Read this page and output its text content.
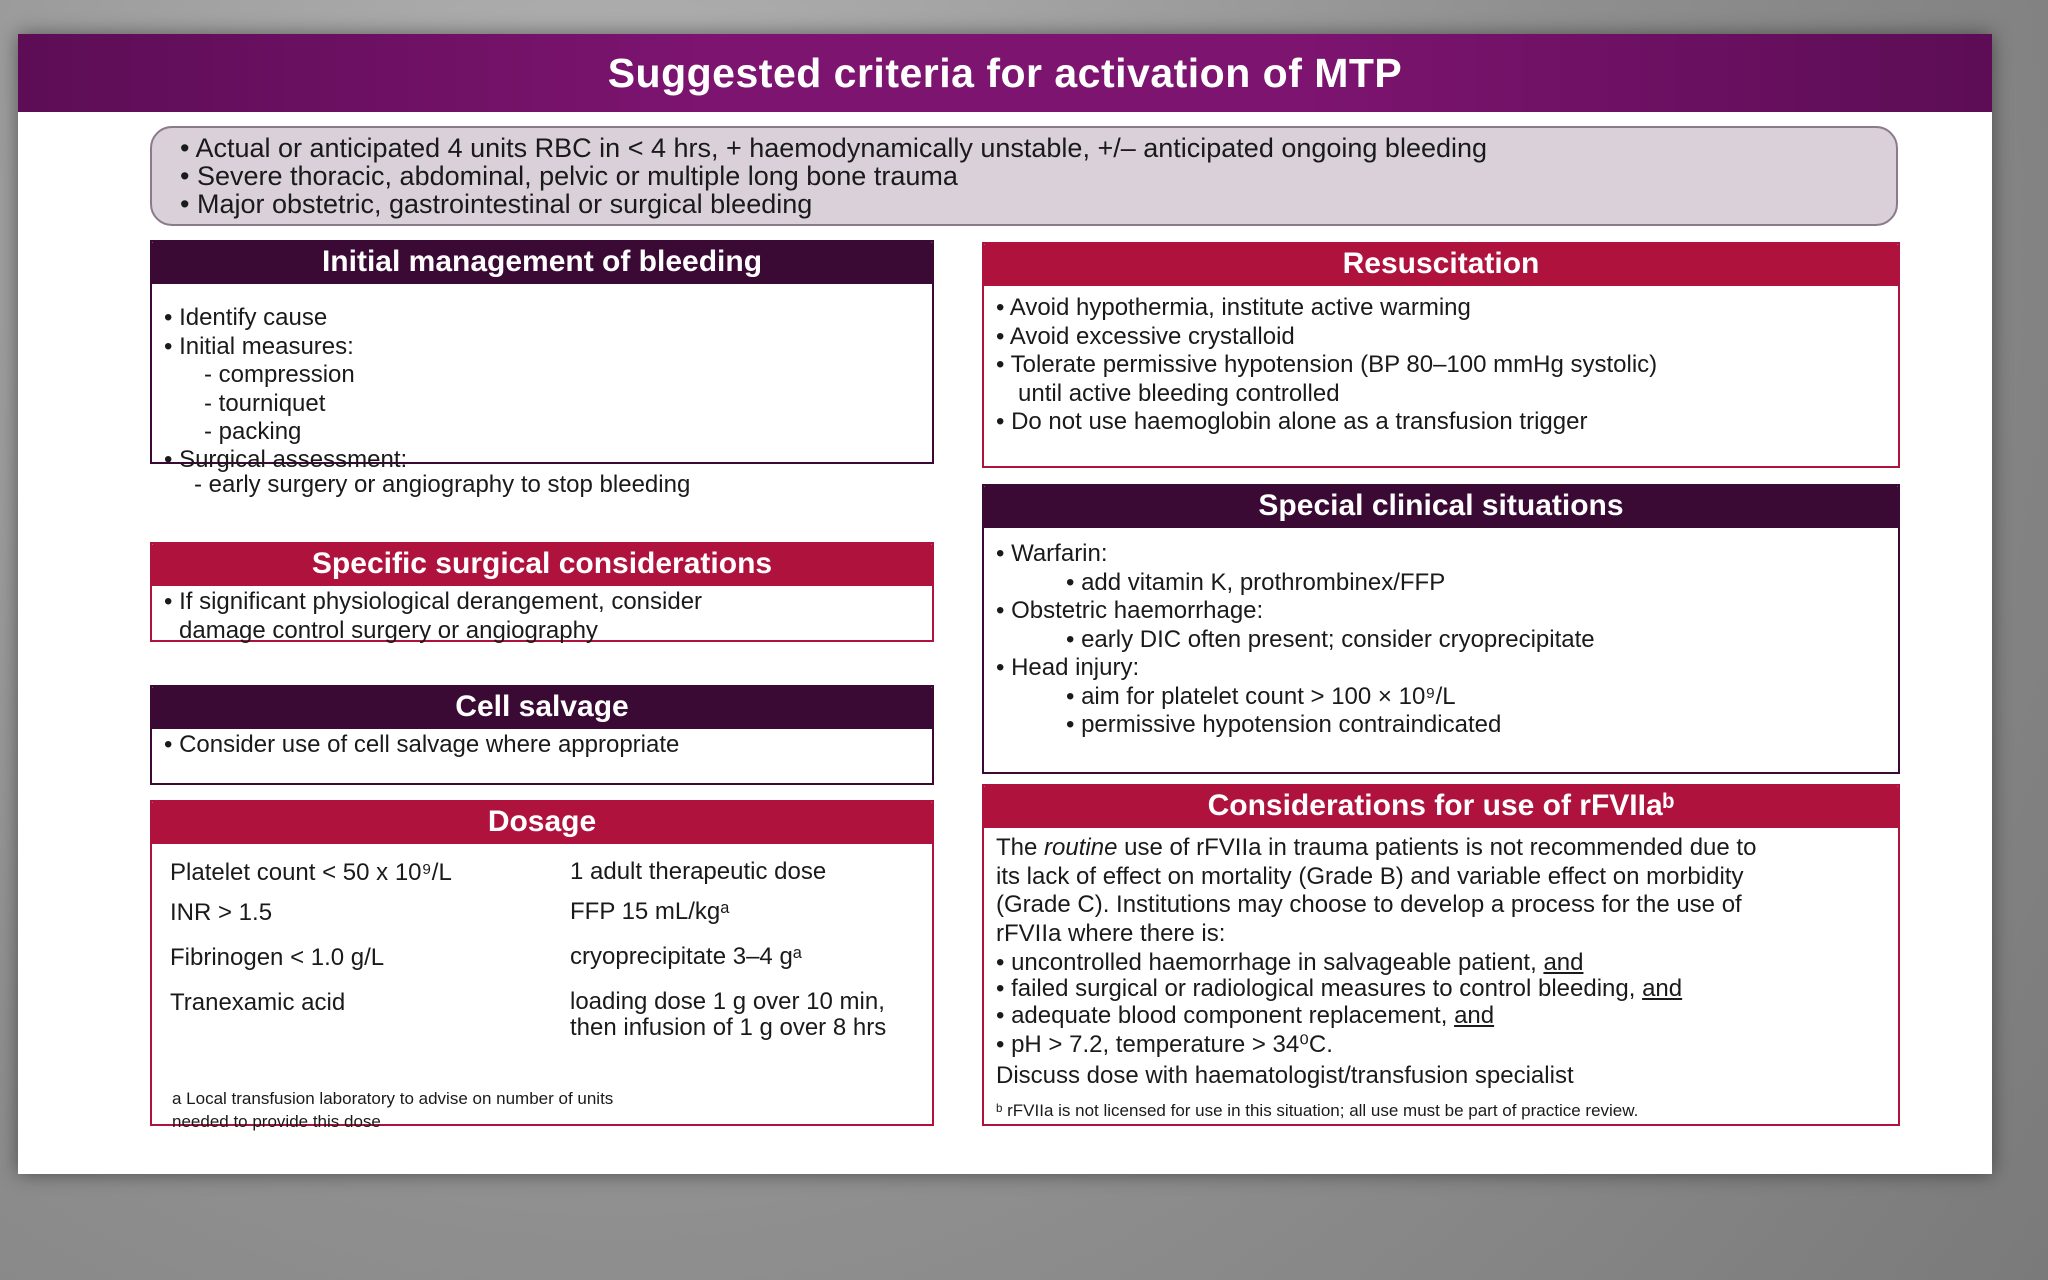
Suggested criteria for activation of MTP
• Actual or anticipated 4 units RBC in < 4 hrs, + haemodynamically unstable, +/– anticipated ongoing bleeding
• Severe thoracic, abdominal, pelvic or multiple long bone trauma
• Major obstetric, gastrointestinal or surgical bleeding
Initial management of bleeding
• Identify cause
• Initial measures:
- compression
- tourniquet
- packing
• Surgical assessment:
- early surgery or angiography to stop bleeding
Specific surgical considerations
• If significant physiological derangement, consider
damage control surgery or angiography
Cell salvage
• Consider use of cell salvage where appropriate
Dosage
Platelet count < 50 x 10⁹/L	1 adult therapeutic dose
INR > 1.5	FFP 15 mL/kgᵃ
Fibrinogen < 1.0 g/L	cryoprecipitate 3–4 gᵃ
Tranexamic acid	loading dose 1 g over 10 min, then infusion of 1 g over 8 hrs
a Local transfusion laboratory to advise on number of units
needed to provide this dose
Resuscitation
• Avoid hypothermia, institute active warming
• Avoid excessive crystalloid
• Tolerate permissive hypotension (BP 80–100 mmHg systolic)
until active bleeding controlled
• Do not use haemoglobin alone as a transfusion trigger
Special clinical situations
• Warfarin:
• add vitamin K, prothrombinex/FFP
• Obstetric haemorrhage:
• early DIC often present; consider cryoprecipitate
• Head injury:
• aim for platelet count > 100 × 10⁹/L
• permissive hypotension contraindicated
Considerations for use of rFVIIaᵇ
The routine use of rFVIIa in trauma patients is not recommended due to
its lack of effect on mortality (Grade B) and variable effect on morbidity
(Grade C). Institutions may choose to develop a process for the use of
rFVIIa where there is:
• uncontrolled haemorrhage in salvageable patient, and
• failed surgical or radiological measures to control bleeding, and
• adequate blood component replacement, and
• pH > 7.2, temperature > 34⁰C.
Discuss dose with haematologist/transfusion specialist
ᵇ rFVIIa is not licensed for use in this situation; all use must be part of practice review.
